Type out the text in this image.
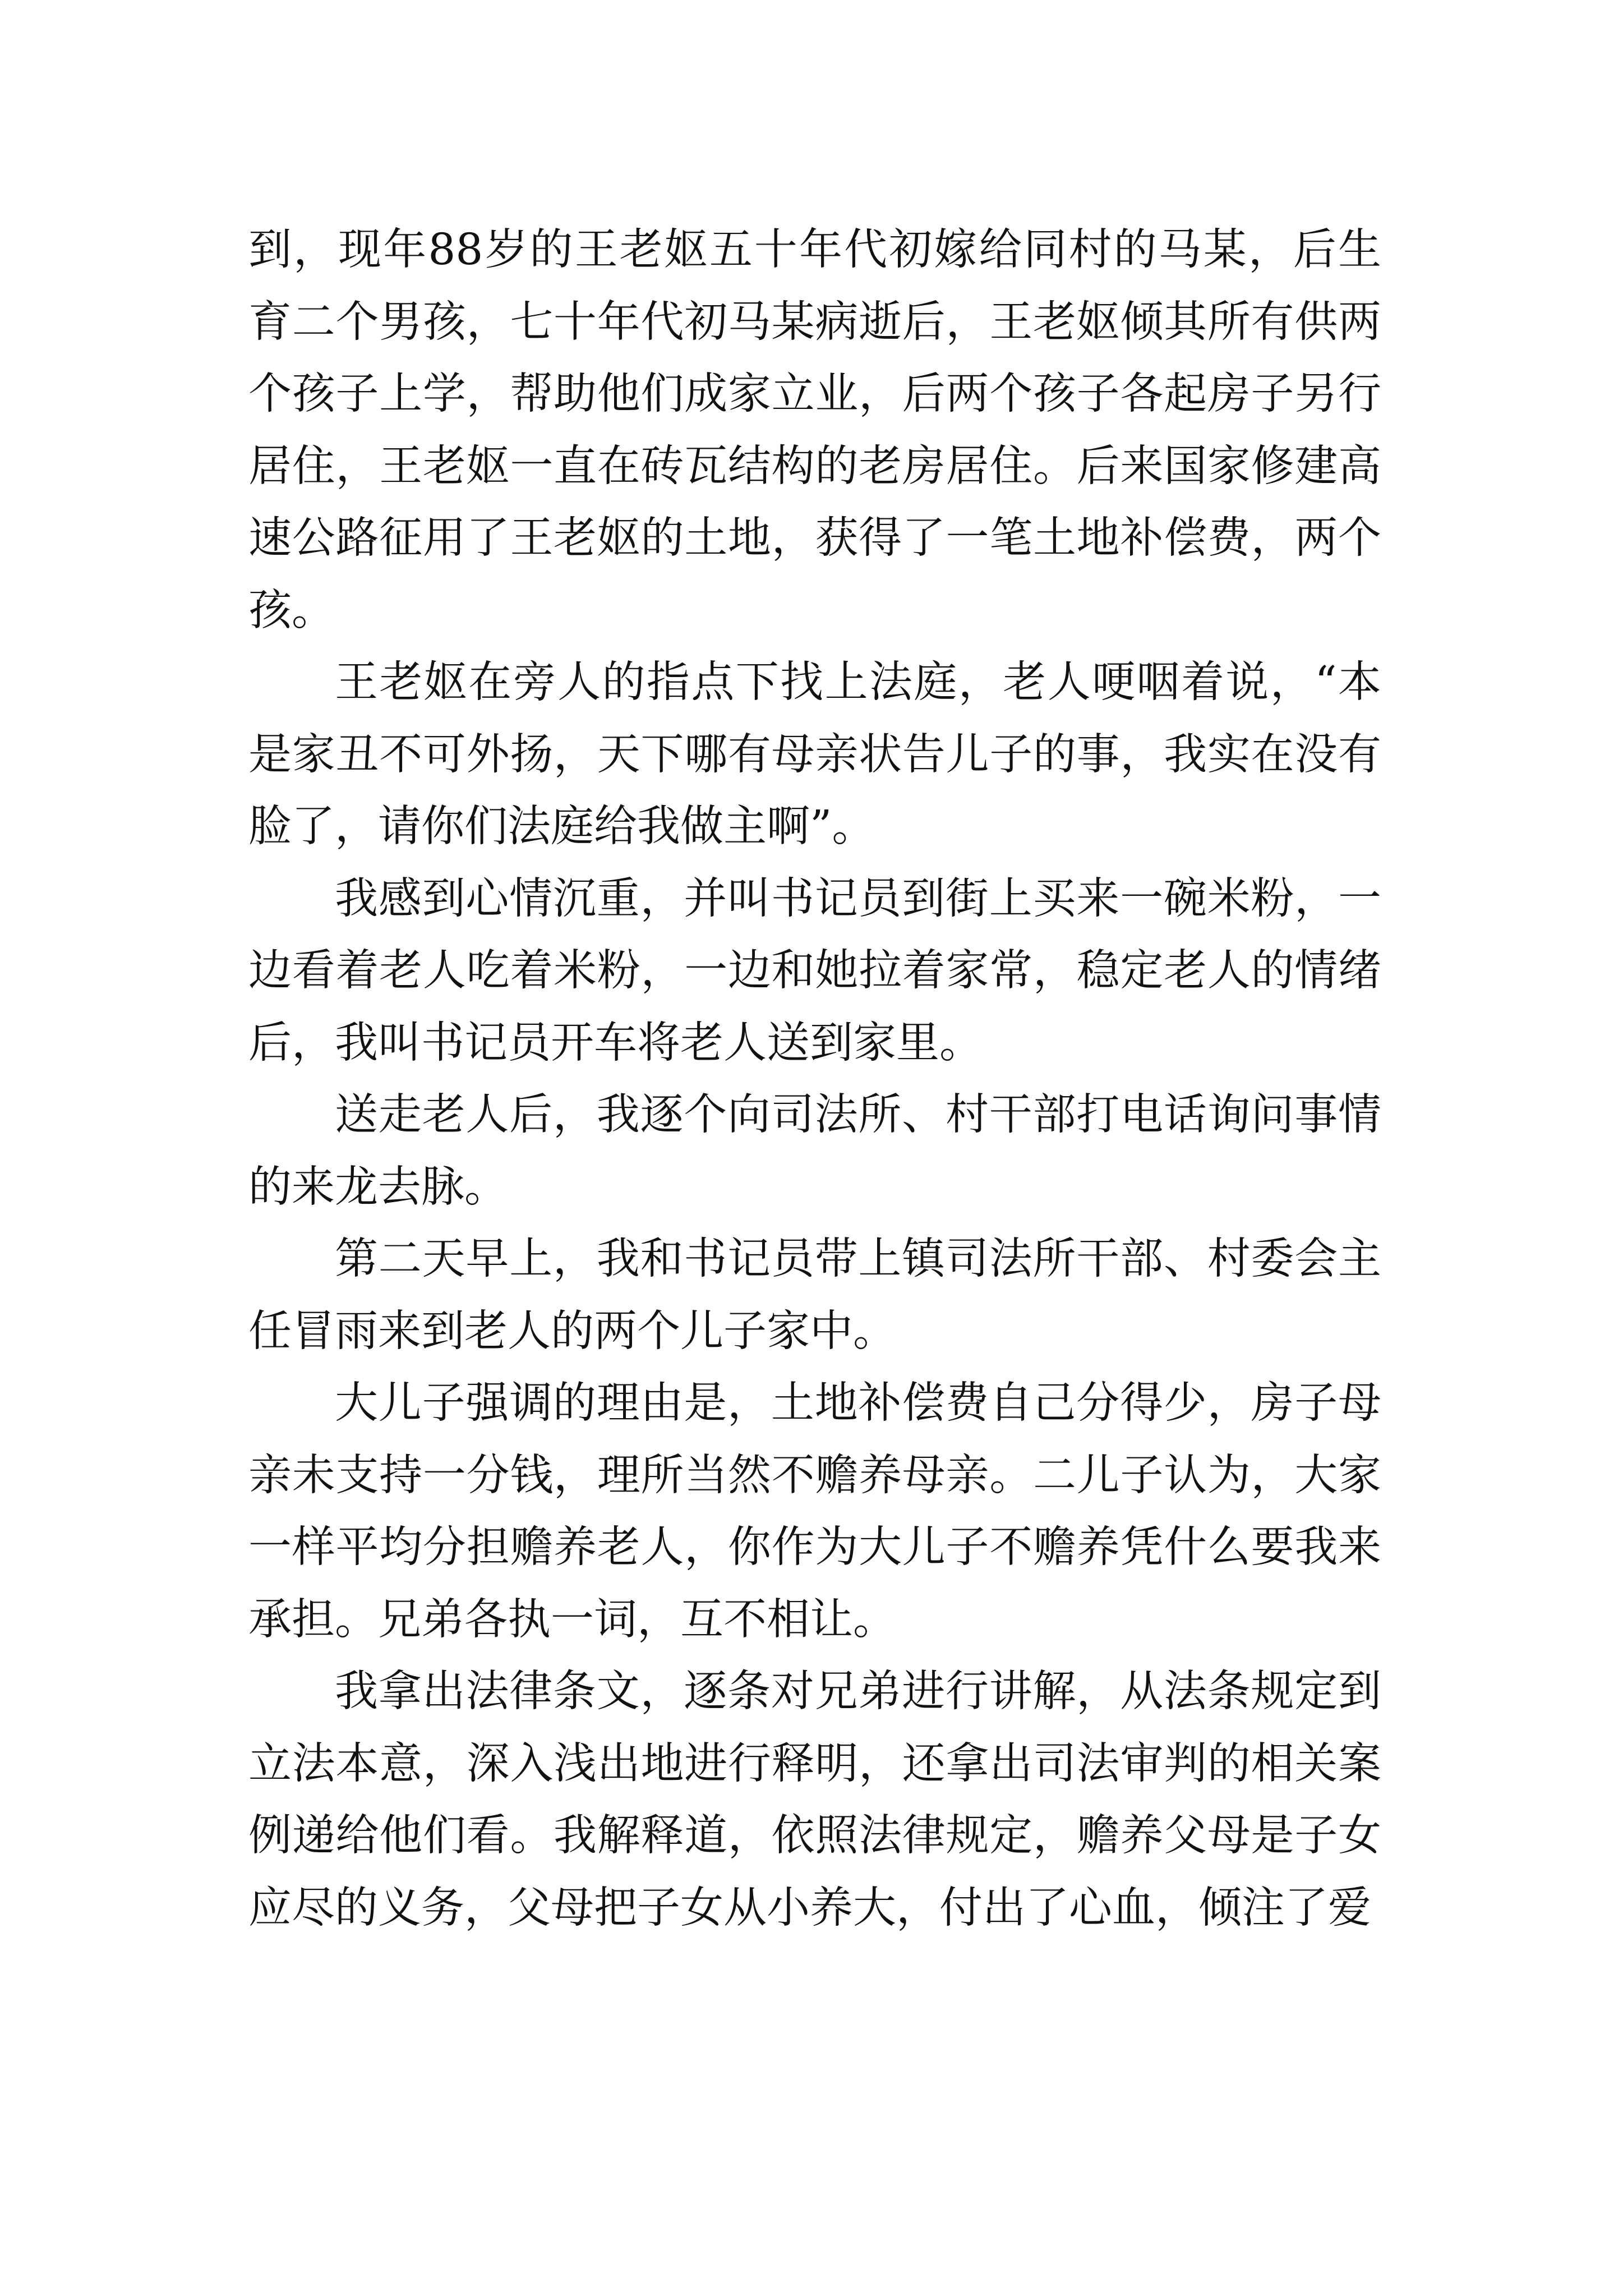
到，现年88岁的王老妪五十年代初嫁给同村的马某，后生育二个男孩，七十年代初马某病逝后，王老妪倾其所有供两个孩子上学，帮助他们成家立业，后两个孩子各起房子另行居住，王老妪一直在砖瓦结构的老房居住。后来国家修建高速公路征用了王老妪的土地，获得了一笔土地补偿费，两个孩。

王老妪在旁人的指点下找上法庭，老人哽咽着说，“本是家丑不可外扬，天下哪有母亲状告儿子的事，我实在没有脸了，请你们法庭给我做主啊”。

我感到心情沉重，并叫书记员到街上买来一碗米粉，一边看着老人吃着米粉，一边和她拉着家常，稳定老人的情绪后，我叫书记员开车将老人送到家里。

送走老人后，我逐个向司法所、村干部打电话询问事情的来龙去脉。

第二天早上，我和书记员带上镇司法所干部、村委会主任冒雨来到老人的两个儿子家中。

大儿子强调的理由是，土地补偿费自己分得少，房子母亲未支持一分钱，理所当然不赡养母亲。二儿子认为，大家一样平均分担赡养老人，你作为大儿子不赡养凭什么要我来承担。兄弟各执一词，互不相让。

我拿出法律条文，逐条对兄弟进行讲解，从法条规定到立法本意，深入浅出地进行释明，还拿出司法审判的相关案例递给他们看。我解释道，依照法律规定，赡养父母是子女应尽的义务，父母把子女从小养大，付出了心血，倾注了爱
